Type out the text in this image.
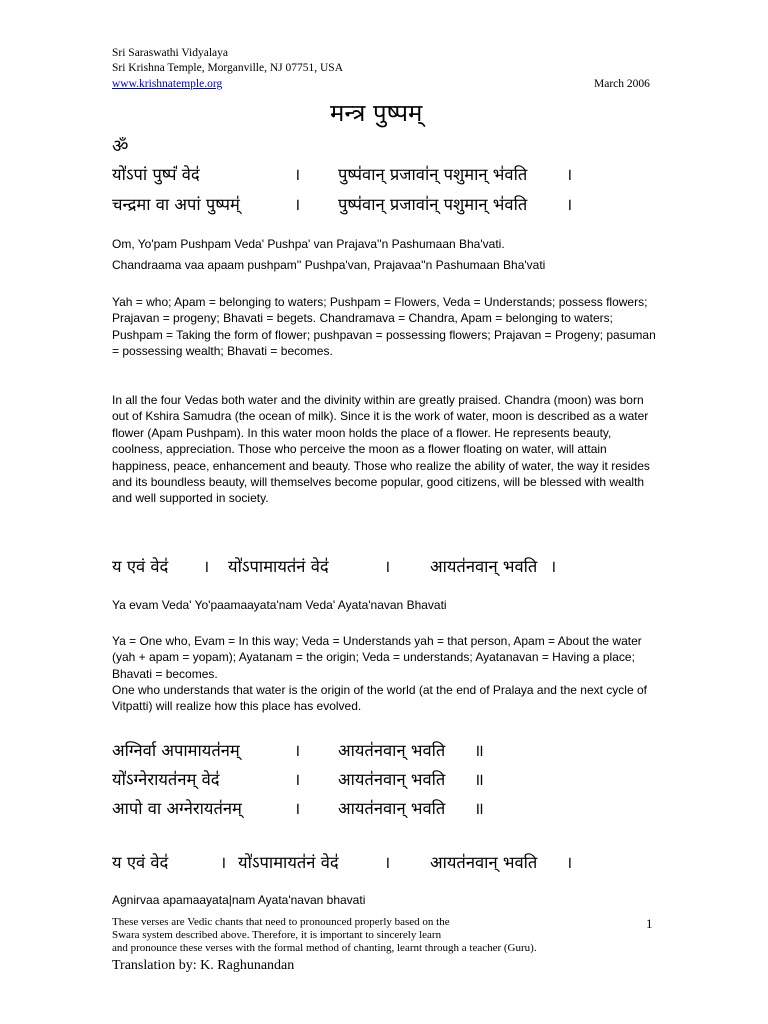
Sri Saraswathi Vidyalaya
Sri Krishna Temple, Morganville, NJ 07751, USA
www.krishnatemple.org	March 2006
मन्त्र पुष्पम्
ॐ
यो॑ऽपां पुष्पं॑ वेद॑	। पुष्प॑वान् प्रजावा॑न् पशुमान् भ॑वति ।
चन्द्रमा वा अपां पुष्पम्॑	। पुष्प॑वान् प्रजावा॑न् पशुमान् भ॑वति ।
Om, Yo'pam Pushpam Veda' Pushpa' van Prajava''n Pashumaan Bha'vati.
Chandraama vaa apaam pushpam'' Pushpa'van, Prajavaa''n Pashumaan Bha'vati
Yah = who; Apam = belonging to waters; Pushpam = Flowers, Veda = Understands; possess flowers; Prajavan = progeny; Bhavati = begets. Chandramava = Chandra, Apam = belonging to waters; Pushpam = Taking the form of flower; pushpavan = possessing flowers; Prajavan = Progeny; pasuman = possessing wealth; Bhavati = becomes.
In all the four Vedas both water and the divinity within are greatly praised. Chandra (moon) was born out of Kshira Samudra (the ocean of milk). Since it is the work of water, moon is described as a water flower (Apam Pushpam). In this water moon holds the place of a flower. He represents beauty, coolness, appreciation. Those who perceive the moon as a flower floating on water, will attain happiness, peace, enhancement and beauty. Those who realize the ability of water, the way it resides and its boundless beauty, will themselves become popular, good citizens, will be blessed with wealth and well supported in society.
य एवं वेद॑ । यो॑ऽपामायत॑नं वेद॑	। आयत॑नवान् भवति ।
Ya evam Veda' Yo'paamaayata'nam Veda' Ayata'navan Bhavati
Ya = One who, Evam = In this way; Veda = Understands yah = that person, Apam = About the water (yah + apam = yopam); Ayatanam = the origin; Veda = understands; Ayatanavan = Having a place; Bhavati = becomes.
One who understands that water is the origin of the world (at the end of Pralaya and the next cycle of Vitpatti) will realize how this place has evolved.
अग्निर्वा अपामायत॑नम्	। आयत॑नवान् भवति ॥
यो॑ऽग्नेरायत॑नम् वेद॑	। आयत॑नवान् भवति ॥
आपो वा अग्नेरायत॑नम्	। आयत॑नवान् भवति ॥
य एवं वेद॑	। यो॑ऽपामायत॑नं वेद॑	। आयत॑नवान् भवति ।
Agnirvaa apamaayata|nam Ayata'navan bhavati
These verses are Vedic chants that need to pronounced properly based on the
Swara system described above. Therefore, it is important to sincerely learn
and pronounce these verses with the formal method of chanting, learnt through a teacher (Guru).
1
Translation by: K. Raghunandan
